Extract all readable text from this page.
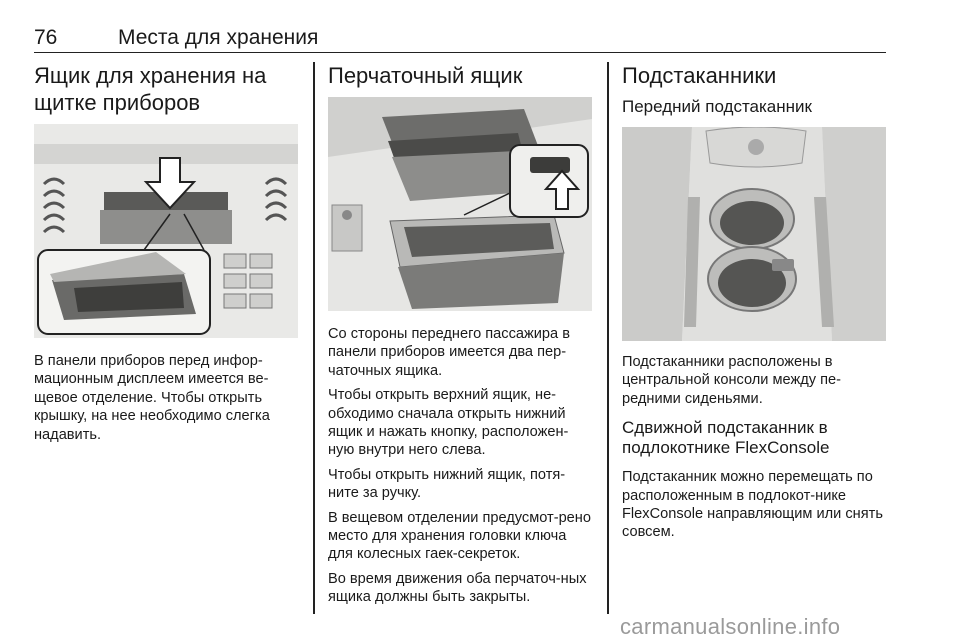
76	Места для хранения
Ящик для хранения на щитке приборов

В панели приборов перед инфор-мационным дисплеем имеется ве-щевое отделение. Чтобы открыть крышку, на нее необходимо слегка надавить.

Перчаточный ящик

Со стороны переднего пассажира в панели приборов имеется два пер-чаточных ящика.

Чтобы открыть верхний ящик, не-обходимо сначала открыть нижний ящик и нажать кнопку, расположен-ную внутри него слева.

Чтобы открыть нижний ящик, потя-ните за ручку.

В вещевом отделении предусмот-рено место для хранения головки ключа для колесных гаек-секреток.

Во время движения оба перчаточ-ных ящика должны быть закрыты.

Подстаканники
Передний подстаканник

Подстаканники расположены в центральной консоли между пе-редними сиденьями.

Сдвижной подстаканник в подлокотнике FlexConsole

Подстаканник можно перемещать по расположенным в подлокот-нике FlexConsole направляющим или снять совсем.

carmanualsonline.info
